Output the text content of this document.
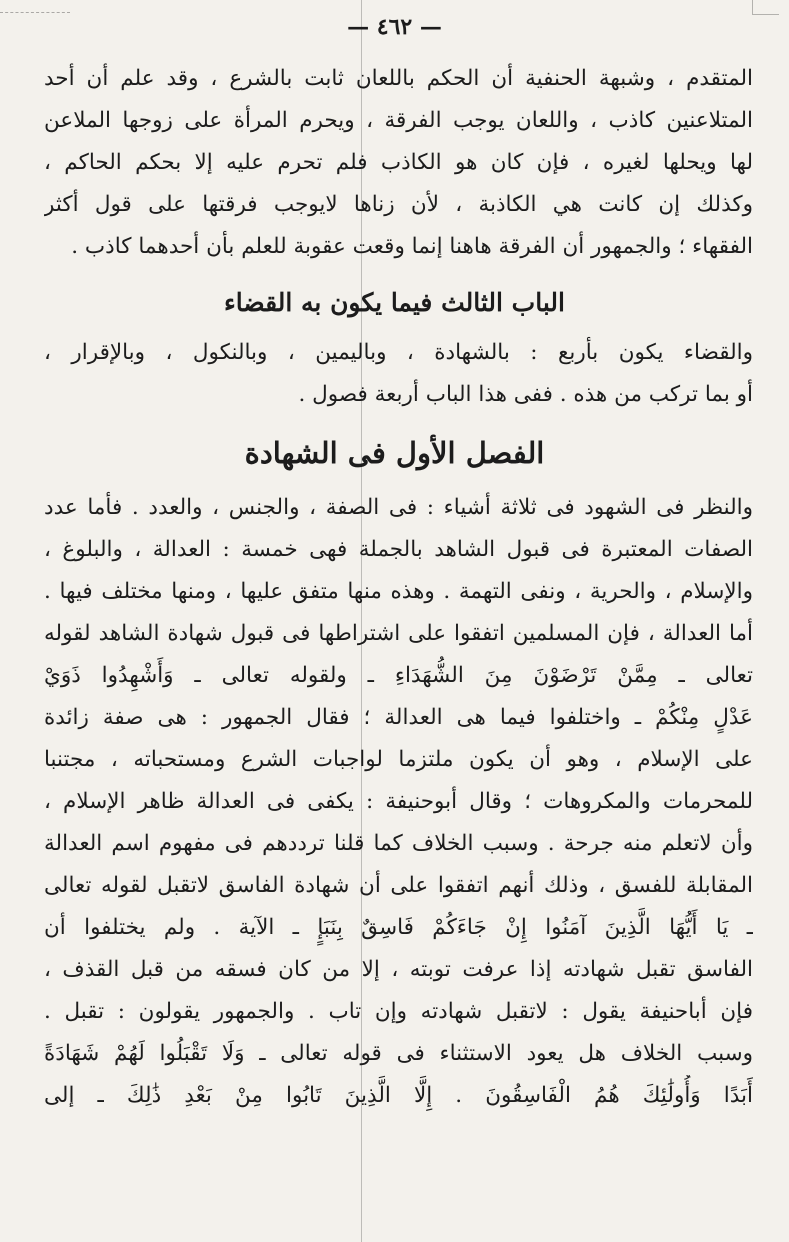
— ٤٦٢ —
المتقدم ، وشبهة الحنفية أن الحكم باللعان ثابت بالشرع ، وقد علم أن أحد
المتلاعنين كاذب ، واللعان يوجب الفرقة ، ويحرم المرأة على زوجها الملاعن
لها ويحلها لغيره ، فإن كان هو الكاذب فلم تحرم عليه إلا بحكم الحاكم ،
وكذلك إن كانت هي الكاذبة ، لأن زناها لايوجب فرقتها على قول أكثر
الفقهاء ؛ والجمهور أن الفرقة هاهنا إنما وقعت عقوبة للعلم بأن أحدهما كاذب .
الباب الثالث فيما يكون به القضاء
والقضاء يكون بأربع : بالشهادة ، وباليمين ، وبالنكول ، وبالإقرار ،
أو بما تركب من هذه . ففى هذا الباب أربعة فصول .
الفصل الأول فى الشهادة
والنظر فى الشهود فى ثلاثة أشياء : فى الصفة ، والجنس ، والعدد . فأما عدد
الصفات المعتبرة فى قبول الشاهد بالجملة فهى خمسة : العدالة ، والبلوغ ،
والإسلام ، والحرية ، ونفى التهمة . وهذه منها متفق عليها ، ومنها مختلف فيها .
أما العدالة ، فإن المسلمين اتفقوا على اشتراطها فى قبول شهادة الشاهد لقوله
تعالى ـ مِمَّنْ تَرْضَوْنَ مِنَ الشُّهَدَاءِ ـ ولقوله تعالى ـ وَأَشْهِدُوا ذَوَيْ
عَدْلٍ مِنْكُمْ ـ واختلفوا فيما هى العدالة ؛ فقال الجمهور : هى صفة زائدة
على الإسلام ، وهو أن يكون ملتزما لواجبات الشرع ومستحباته ، مجتنبا
للمحرمات والمكروهات ؛ وقال أبوحنيفة : يكفى فى العدالة ظاهر الإسلام ،
وأن لاتعلم منه جرحة . وسبب الخلاف كما قلنا ترددهم فى مفهوم اسم العدالة
المقابلة للفسق ، وذلك أنهم اتفقوا على أن شهادة الفاسق لاتقبل لقوله تعالى
ـ يَا أَيُّهَا الَّذِينَ آمَنُوا إِنْ جَاءَكُمْ فَاسِقٌ بِنَبَإٍ ـ الآية . ولم يختلفوا أن
الفاسق تقبل شهادته إذا عرفت توبته ، إلا من كان فسقه من قبل القذف ،
فإن أباحنيفة يقول : لاتقبل شهادته وإن تاب . والجمهور يقولون : تقبل .
وسبب الخلاف هل يعود الاستثناء فى قوله تعالى ـ وَلَا تَقْبَلُوا لَهُمْ شَهَادَةً
أَبَدًا وَأُولَٰئِكَ هُمُ الْفَاسِقُونَ . إِلَّا الَّذِينَ تَابُوا مِنْ بَعْدِ ذَٰلِكَ ـ إلى
